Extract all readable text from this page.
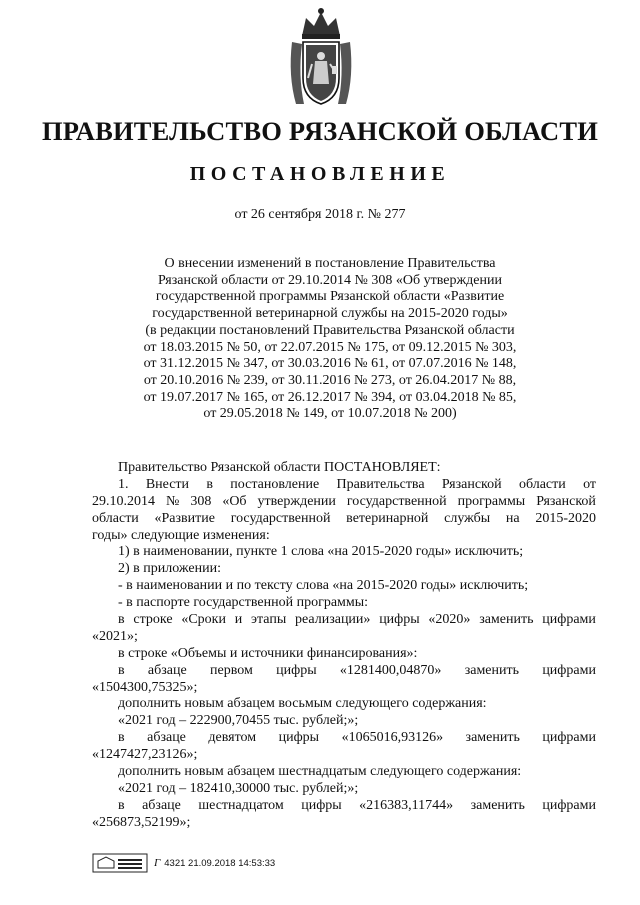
ПРАВИТЕЛЬСТВО РЯЗАНСКОЙ ОБЛАСТИ
ПОСТАНОВЛЕНИЕ
от 26 сентября 2018 г. № 277
О внесении изменений в постановление Правительства
Рязанской области от 29.10.2014 № 308 «Об утверждении
государственной программы Рязанской области «Развитие
государственной ветеринарной службы на 2015-2020 годы»
(в редакции постановлений Правительства Рязанской области
от 18.03.2015 № 50, от 22.07.2015 № 175, от 09.12.2015 № 303,
от 31.12.2015 № 347, от 30.03.2016 № 61, от 07.07.2016 № 148,
от 20.10.2016 № 239, от 30.11.2016 № 273, от 26.04.2017 № 88,
от 19.07.2017 № 165, от 26.12.2017 № 394, от 03.04.2018 № 85,
от 29.05.2018 № 149, от 10.07.2018 № 200)
Правительство Рязанской области ПОСТАНОВЛЯЕТ:
1. Внести в постановление Правительства Рязанской области от
29.10.2014 № 308 «Об утверждении государственной программы Рязанской
области «Развитие государственной ветеринарной службы на 2015-2020
годы» следующие изменения:
1) в наименовании, пункте 1 слова «на 2015-2020 годы» исключить;
2) в приложении:
- в наименовании и по тексту слова «на 2015-2020 годы» исключить;
- в паспорте государственной программы:
в строке «Сроки и этапы реализации» цифры «2020» заменить цифрами
«2021»;
в строке «Объемы и источники финансирования»:
в абзаце первом цифры «1281400,04870» заменить цифрами
«1504300,75325»;
дополнить новым абзацем восьмым следующего содержания:
«2021 год – 222900,70455 тыс. рублей;»;
в абзаце девятом цифры «1065016,93126» заменить цифрами
«1247427,23126»;
дополнить новым абзацем шестнадцатым следующего содержания:
«2021 год – 182410,30000 тыс. рублей;»;
в абзаце шестнадцатом цифры «216383,11744» заменить цифрами
«256873,52199»;
Г 4321 21.09.2018 14:53:33
